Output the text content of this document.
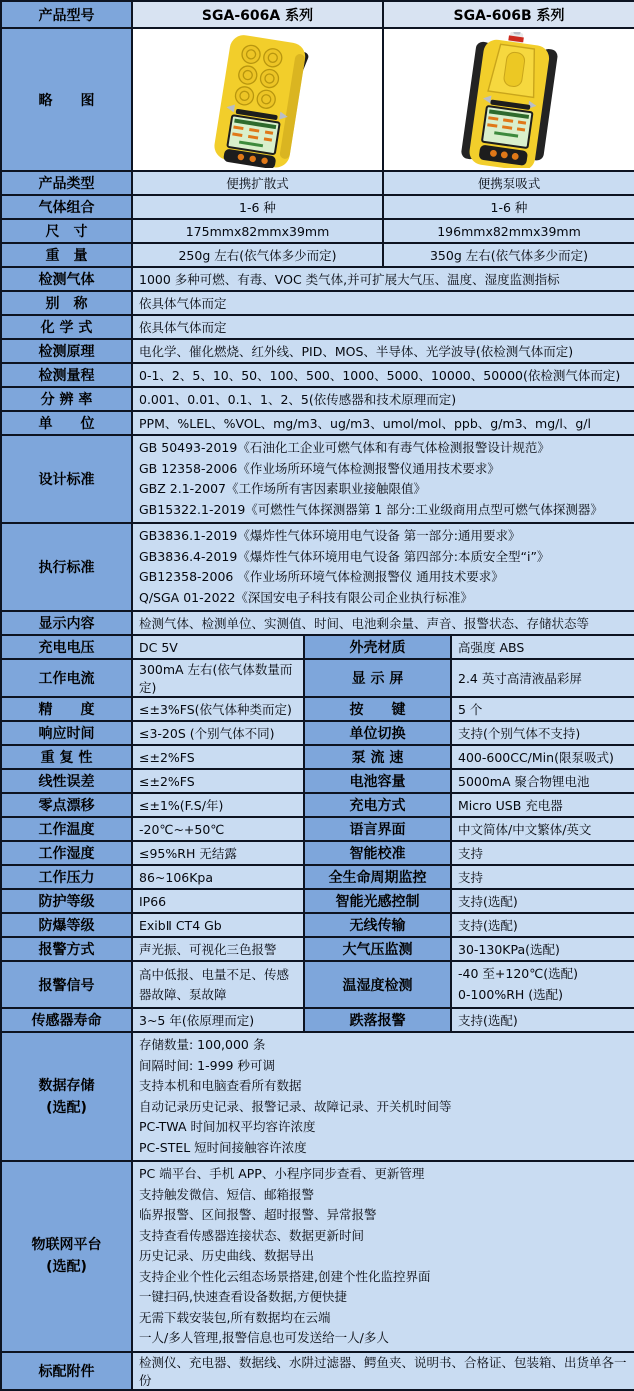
产品型号	SGA-606A 系列		SGA-606B 系列	
略　　图	

产品类型	便携扩散式		便携泵吸式	
气体组合	1-6 种		1-6 种	
尺　寸	175mmx82mmx39mm		196mmx82mmx39mm	
重　量	250g 左右(依气体多少而定)		350g 左右(依气体多少而定)	
检测气体	1000 多种可燃、有毒、VOC 类气体,并可扩展大气压、温度、湿度监测指标			
别　称	依具体气体而定			
化 学 式	依具体气体而定			
检测原理	电化学、催化燃烧、红外线、PID、MOS、半导体、光学波导(依检测气体而定)			
检测量程	0-1、2、5、10、50、100、500、1000、5000、10000、50000(依检测气体而定)			
分 辨 率	0.001、0.01、0.1、1、2、5(依传感器和技术原理而定)			
单　　位	PPM、%LEL、%VOL、mg/m3、ug/m3、umol/mol、ppb、g/m3、mg/l、g/l			
设计标准	GB 50493-2019《石油化工企业可燃气体和有毒气体检测报警设计规范》
GB 12358-2006《作业场所环境气体检测报警仪通用技术要求》
GBZ 2.1-2007《工作场所有害因素职业接触限值》
GB15322.1-2019《可燃性气体探测器第 1 部分:工业级商用点型可燃气体探测器》			

执行标准	GB3836.1-2019《爆炸性气体环境用电气设备 第一部分:通用要求》
GB3836.4-2019《爆炸性气体环境用电气设备 第四部分:本质安全型“i”》
GB12358-2006 《作业场所环境气体检测报警仪 通用技术要求》
Q/SGA 01-2022《深国安电子科技有限公司企业执行标准》			

显示内容	检测气体、检测单位、实测值、时间、电池剩余量、声音、报警状态、存储状态等			
充电电压	DC 5V	外壳材质		高强度 ABS
工作电流	300mA 左右(依气体数量而定)	显 示 屏		2.4 英寸高清液晶彩屏
精　　度	≤±3%FS(依气体种类而定)	按　　键		5 个
响应时间	≤3-20S (个别气体不同)	单位切换		支持(个别气体不支持)
重 复 性	≤±2%FS	泵 流 速		400-600CC/Min(限泵吸式)
线性误差	≤±2%FS	电池容量		5000mA 聚合物锂电池
零点漂移	≤±1%(F.S/年)	充电方式		Micro USB 充电器
工作温度	-20℃~+50℃	语言界面		中文简体/中文繁体/英文
工作湿度	≤95%RH 无结露	智能校准		支持
工作压力	86~106Kpa	全生命周期监控		支持
防护等级	IP66	智能光感控制		支持(选配)
防爆等级	ExibⅡ CT4 Gb	无线传输		支持(选配)
报警方式	声光振、可视化三色报警	大气压监测		30-130KPa(选配)
报警信号	高中低报、电量不足、传感器故障、泵故障	温湿度检测		-40 至+120℃(选配)
0-100%RH (选配)

传感器寿命	3~5 年(依原理而定)	跌落报警		支持(选配)

数据存储
(选配)

存储数量: 100,000 条
间隔时间: 1-999 秒可调
支持本机和电脑查看所有数据
自动记录历史记录、报警记录、故障记录、开关机时间等
PC-TWA 时间加权平均容许浓度
PC-STEL 短时间接触容许浓度

物联网平台
(选配)

PC 端平台、手机 APP、小程序同步查看、更新管理
支持触发微信、短信、邮箱报警
临界报警、区间报警、超时报警、异常报警
支持查看传感器连接状态、数据更新时间
历史记录、历史曲线、数据导出
支持企业个性化云组态场景搭建,创建个性化监控界面
一键扫码,快速查看设备数据,方便快捷
无需下载安装包,所有数据均在云端
一人/多人管理,报警信息也可发送给一人/多人

标配附件	检测仪、充电器、数据线、水阱过滤器、鳄鱼夹、说明书、合格证、包装箱、出货单各一份			
